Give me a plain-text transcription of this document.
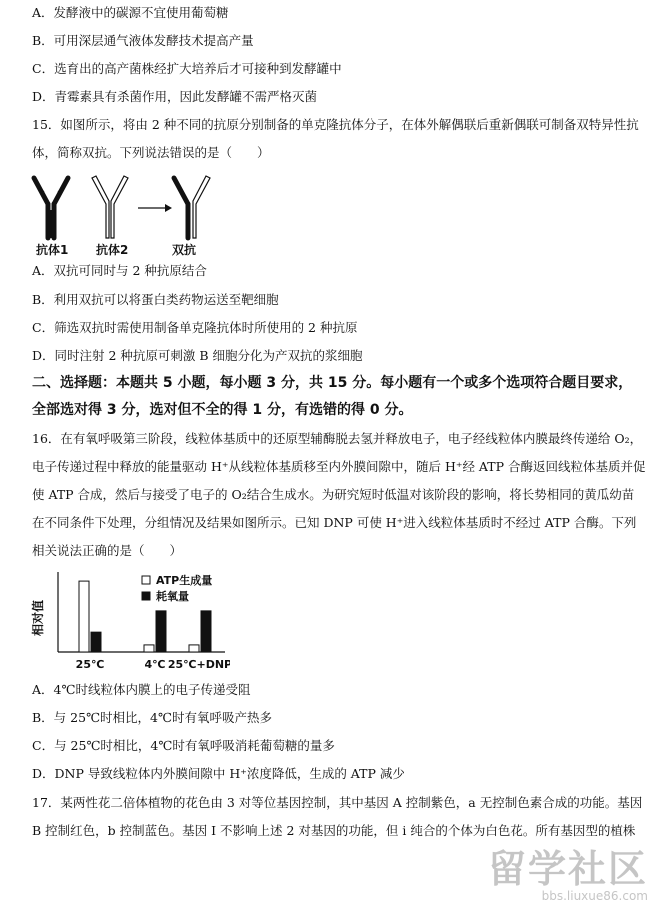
A．发酵液中的碳源不宜使用葡萄糖
B．可用深层通气液体发酵技术提高产量
C．选育出的高产菌株经扩大培养后才可接种到发酵罐中
D．青霉素具有杀菌作用，因此发酵罐不需严格灭菌
15．如图所示，将由 2 种不同的抗原分别制备的单克隆抗体分子，在体外解偶联后重新偶联可制备双特异性抗
体，简称双抗。下列说法错误的是（　　）
抗体1 抗体2	双抗
A．双抗可同时与 2 种抗原结合
B．利用双抗可以将蛋白类药物运送至靶细胞
C．筛选双抗时需使用制备单克隆抗体时所使用的 2 种抗原
D．同时注射 2 种抗原可刺激 B 细胞分化为产双抗的浆细胞
二、选择题：本题共 5 小题，每小题 3 分，共 15 分。每小题有一个或多个选项符合题目要求，
全部选对得 3 分，选对但不全的得 1 分，有选错的得 0 分。
16．在有氧呼吸第三阶段，线粒体基质中的还原型辅酶脱去氢并释放电子，电子经线粒体内膜最终传递给 O₂，
电子传递过程中释放的能量驱动 H⁺从线粒体基质移至内外膜间隙中，随后 H⁺经 ATP 合酶返回线粒体基质并促
使 ATP 合成，然后与接受了电子的 O₂结合生成水。为研究短时低温对该阶段的影响，将长势相同的黄瓜幼苗
在不同条件下处理，分组情况及结果如图所示。已知 DNP 可使 H⁺进入线粒体基质时不经过 ATP 合酶。下列
相关说法正确的是（　　）
相对值
25℃	4℃ 25℃+DNP
ATP生成量
耗氧量
A．4℃时线粒体内膜上的电子传递受阻
B．与 25℃时相比，4℃时有氧呼吸产热多
C．与 25℃时相比，4℃时有氧呼吸消耗葡萄糖的量多
D．DNP 导致线粒体内外膜间隙中 H⁺浓度降低，生成的 ATP 减少
17．某两性花二倍体植物的花色由 3 对等位基因控制，其中基因 A 控制紫色，a 无控制色素合成的功能。基因
B 控制红色，b 控制蓝色。基因 I 不影响上述 2 对基因的功能，但 i 纯合的个体为白色花。所有基因型的植株
留学社区
bbs.liuxue86.com
